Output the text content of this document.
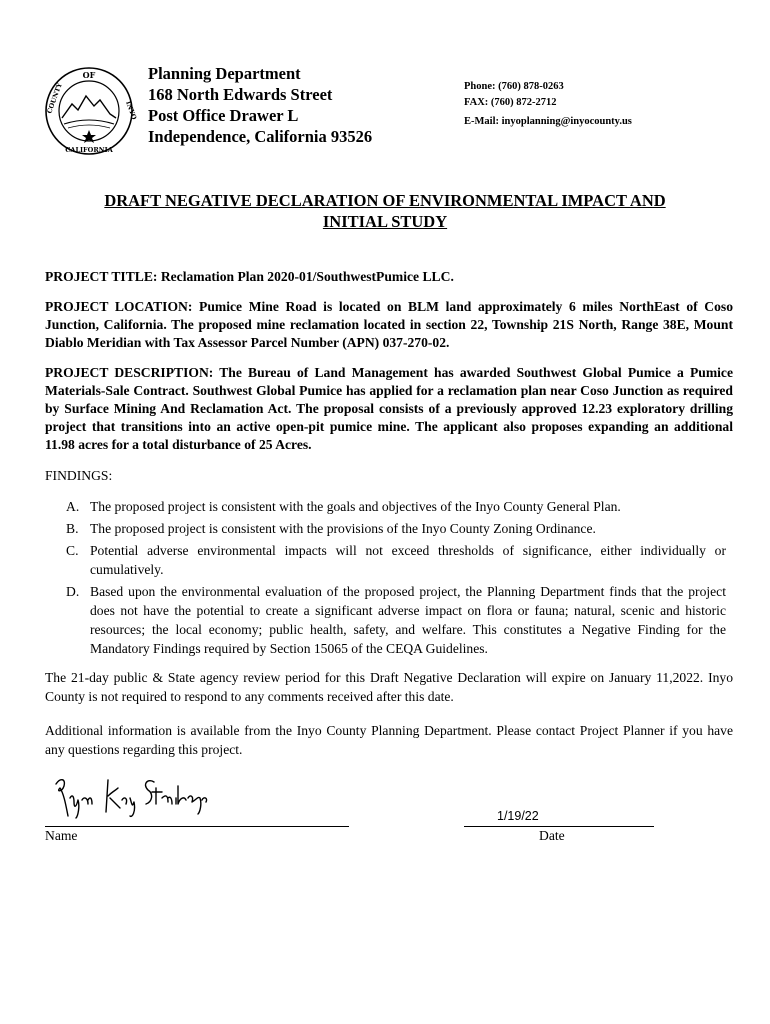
OF
CALIFORNIA
COUNTY	INYO
Planning Department
168 North Edwards Street
Post Office Drawer L
Independence, California 93526
Phone: (760) 878-0263
FAX: (760) 872-2712
E-Mail: inyoplanning@inyocounty.us
DRAFT NEGATIVE DECLARATION OF ENVIRONMENTAL IMPACT AND
INITIAL STUDY
PROJECT TITLE: Reclamation Plan 2020-01/SouthwestPumice LLC.
PROJECT LOCATION: Pumice Mine Road is located on BLM land approximately 6 miles NorthEast of Coso Junction, California. The proposed mine reclamation located in section 22, Township 21S North, Range 38E, Mount Diablo Meridian with Tax Assessor Parcel Number (APN) 037-270-02.
PROJECT DESCRIPTION: The Bureau of Land Management has awarded Southwest Global Pumice a Pumice Materials-Sale Contract. Southwest Global Pumice has applied for a reclamation plan near Coso Junction as required by Surface Mining And Reclamation Act. The proposal consists of a previously approved 12.23 exploratory drilling project that transitions into an active open-pit pumice mine. The applicant also proposes expanding an additional 11.98 acres for a total disturbance of 25 Acres.
FINDINGS:
A. The proposed project is consistent with the goals and objectives of the Inyo County General Plan.
B. The proposed project is consistent with the provisions of the Inyo County Zoning Ordinance.
C. Potential adverse environmental impacts will not exceed thresholds of significance, either individually or cumulatively.
D. Based upon the environmental evaluation of the proposed project, the Planning Department finds that the project does not have the potential to create a significant adverse impact on flora or fauna; natural, scenic and historic resources; the local economy; public health, safety, and welfare. This constitutes a Negative Finding for the Mandatory Findings required by Section 15065 of the CEQA Guidelines.
The 21-day public & State agency review period for this Draft Negative Declaration will expire on January 11,2022. Inyo County is not required to respond to any comments received after this date.
Additional information is available from the Inyo County Planning Department. Please contact Project Planner if you have any questions regarding this project.
Name
1/19/22
Date
